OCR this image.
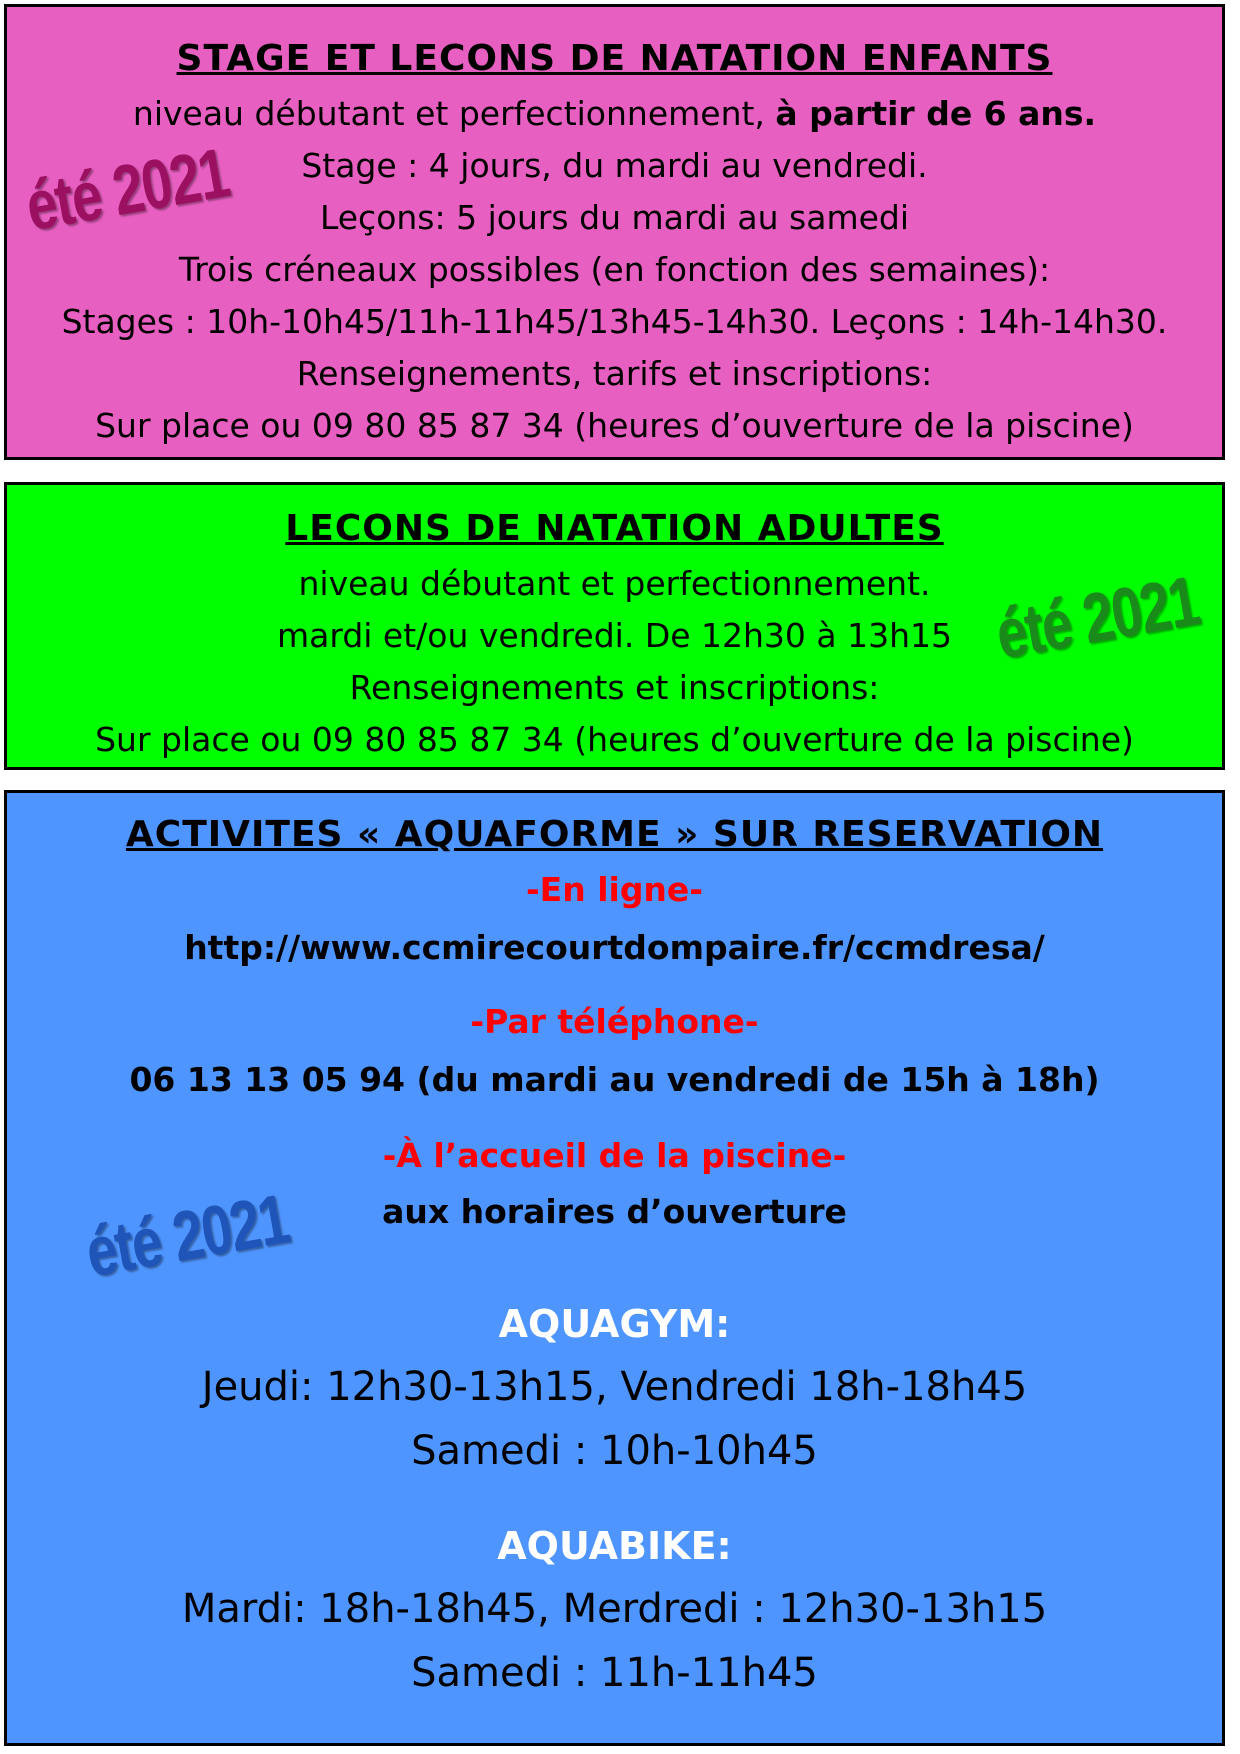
STAGE ET LECONS DE NATATION ENFANTS
niveau débutant et perfectionnement, à partir de 6 ans.
Stage : 4 jours, du mardi au vendredi.
Leçons: 5 jours du mardi au samedi
Trois créneaux possibles (en fonction des semaines):
Stages : 10h-10h45/11h-11h45/13h45-14h30. Leçons : 14h-14h30.
Renseignements, tarifs et inscriptions:
Sur place ou 09 80 85 87 34 (heures d’ouverture de la piscine)
été 2021
LECONS DE NATATION ADULTES
niveau débutant et perfectionnement.
mardi et/ou vendredi. De 12h30 à 13h15
Renseignements et inscriptions:
Sur place ou 09 80 85 87 34 (heures d’ouverture de la piscine)
été 2021
ACTIVITES « AQUAFORME » SUR RESERVATION
-En ligne-
http://www.ccmirecourtdompaire.fr/ccmdresa/
-Par téléphone-
06 13 13 05 94 (du mardi au vendredi de 15h à 18h)
-À l’accueil de la piscine-
aux horaires d’ouverture
AQUAGYM:
Jeudi: 12h30-13h15, Vendredi 18h-18h45
Samedi : 10h-10h45
AQUABIKE:
Mardi: 18h-18h45, Merdredi : 12h30-13h15
Samedi : 11h-11h45
été 2021
